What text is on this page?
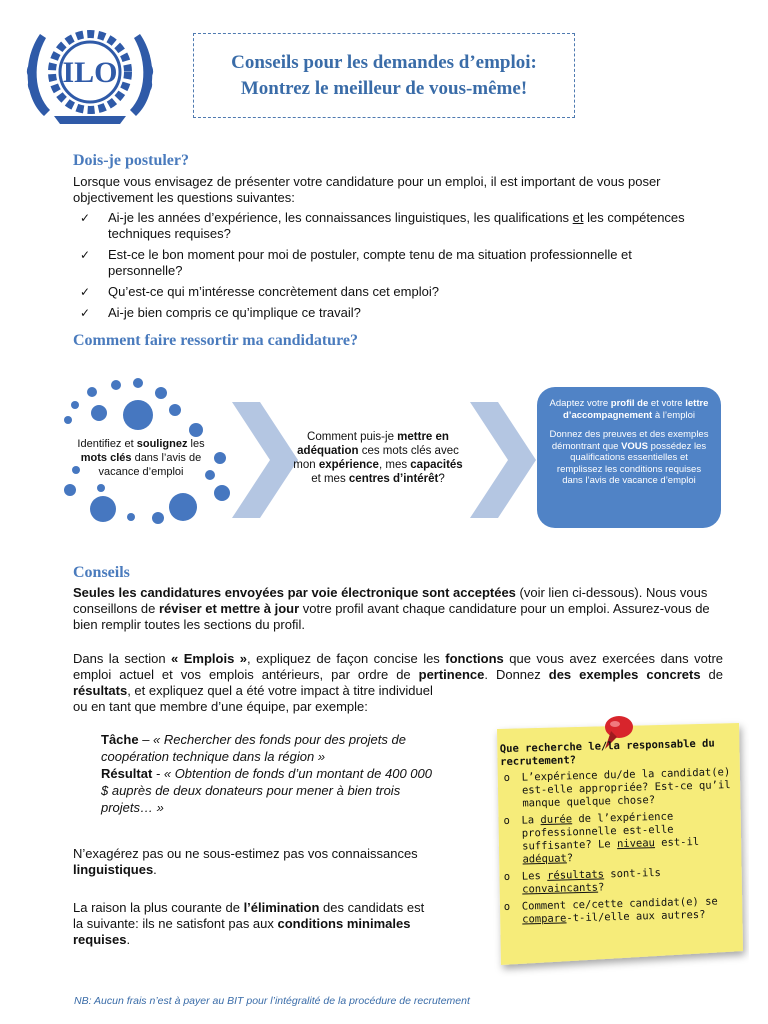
ILO	Conseils pour les demandes d’emploi:
Montrez le meilleur de vous-même!
Dois-je postuler?

Lorsque vous envisagez de présenter votre candidature pour un emploi, il est important de vous poser objectivement les questions suivantes:

✓ Ai-je les années d’expérience, les connaissances linguistiques, les qualifications et les compétences techniques requises?
✓ Est-ce le bon moment pour moi de postuler, compte tenu de ma situation professionnelle et personnelle?
✓ Qu’est-ce qui m’intéresse concrètement dans cet emploi?
✓ Ai-je bien compris ce qu’implique ce travail?
Comment faire ressortir ma candidature?
Identifiez et soulignez les mots clés dans l’avis de vacance d’emploi
Comment puis-je mettre en adéquation ces mots clés avec mon expérience, mes capacités et mes centres d’intérêt?
Adaptez votre profil de et votre lettre d’accompagnement à l’emploi
Donnez des preuves et des exemples démontrant que VOUS possédez les qualifications essentielles et remplissez les conditions requises dans l’avis de vacance d’emploi
Conseils

Seules les candidatures envoyées par voie électronique sont acceptées (voir lien ci-dessous). Nous vous conseillons de réviser et mettre à jour votre profil avant chaque candidature pour un emploi. Assurez-vous de bien remplir toutes les sections du profil.

Dans la section « Emplois », expliquez de façon concise les fonctions que vous avez exercées dans votre emploi actuel et vos emplois antérieurs, par ordre de pertinence. Donnez des exemples concrets de résultats, et expliquez quel a été votre impact à titre individuel

ou en tant que membre d’une équipe, par exemple:

Tâche – « Rechercher des fonds pour des projets de coopération technique dans la région »
Résultat - « Obtention de fonds d’un montant de 400 000 $ auprès de deux donateurs pour mener à bien trois projets… »

N’exagérez pas ou ne sous-estimez pas vos connaissances linguistiques.

La raison la plus courante de l’élimination des candidats est la suivante: ils ne satisfont pas aux conditions minimales requises.

Que recherche le/la responsable du recrutement?
o L’expérience du/de la candidat(e) est-elle appropriée? Est-ce qu’il manque quelque chose?
o La durée de l’expérience professionnelle est-elle suffisante? Le niveau est-il adéquat?
o Les résultats sont-ils convaincants?
o Comment ce/cette candidat(e) se compare-t-il/elle aux autres?
NB: Aucun frais n’est à payer au BIT pour l’intégralité de la procédure de recrutement
